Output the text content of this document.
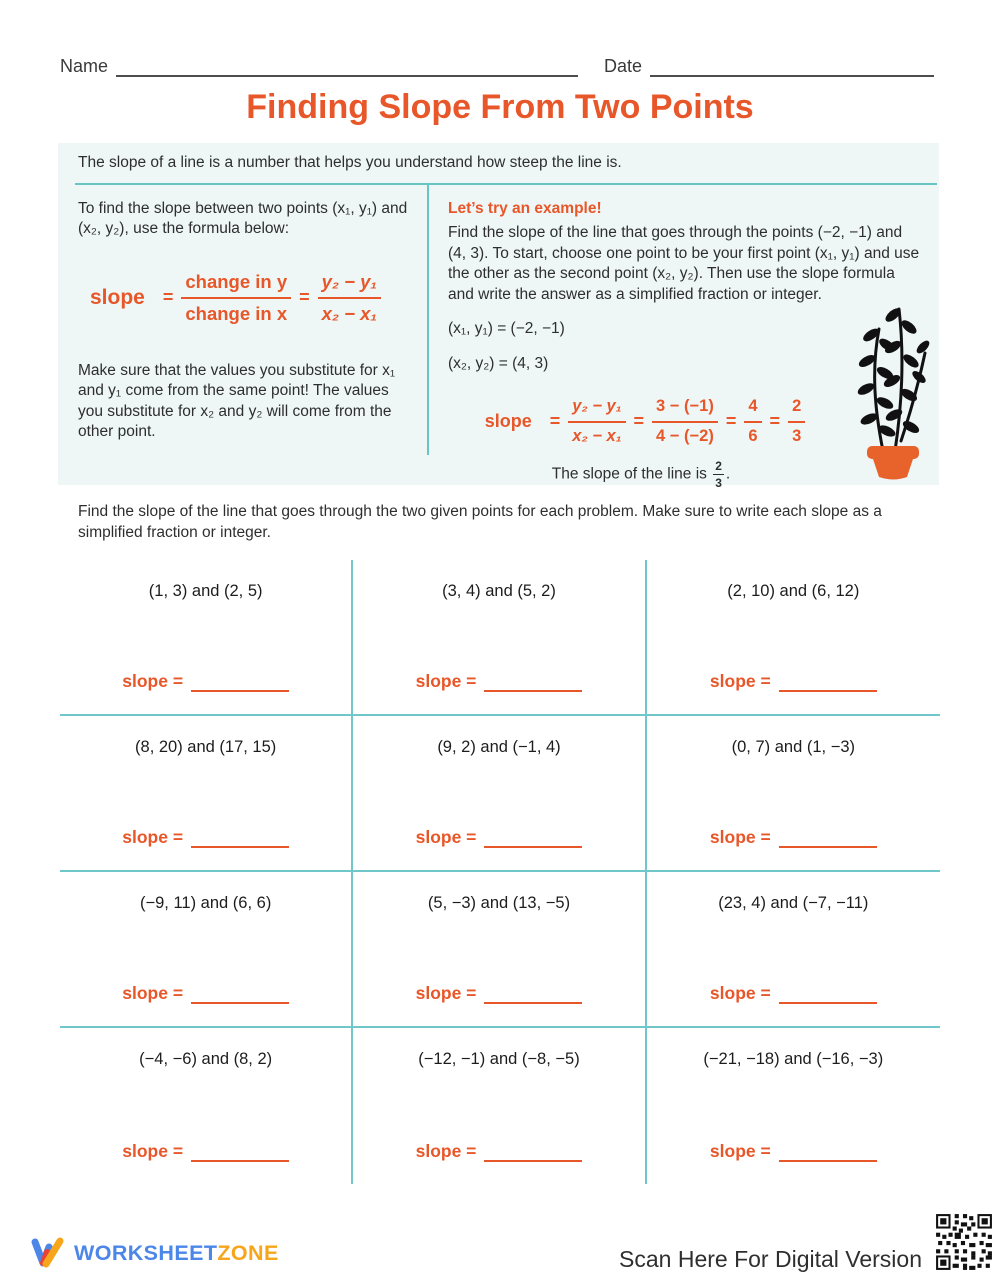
Name	Date
Finding Slope From Two Points
The slope of a line is a number that helps you understand how steep the line is.
To find the slope between two points (x₁, y₁) and (x₂, y₂), use the formula below:
slope = $\frac{\text{change in y}}{\text{change in x}} = \frac{\text{y₂ − y₁}}{\text{x₂ − x₁}}$
Make sure that the values you substitute for x₁ and y₁ come from the same point! The values you substitute for x₂ and y₂ will come from the other point.
Let’s try an example!
Find the slope of the line that goes through the points (−2, −1) and (4, 3). To start, choose one point to be your first point (x₁, y₁) and use the other as the second point (x₂, y₂). Then use the slope formula and write the answer as a simplified fraction or integer.
(x₁, y₁) = (−2, −1)
(x₂, y₂) = (4, 3)
slope = $\frac{\text{y₂ − y₁}}{\text{x₂ − x₁}} = \frac{3 - (-1)}{4 - (-2)} = \frac{4}{6} = \frac{2}{3}$
The slope of the line is $\frac{2}{3}$ .
Find the slope of the line that goes through the two given points for each problem. Make sure to write each slope as a simplified fraction or integer.
(1, 3) and (2, 5)
slope =
(3, 4) and (5, 2)
slope =
(2, 10) and (6, 12)
slope =
(8, 20) and (17, 15)
slope =
(9, 2) and (−1, 4)
slope =
(0, 7) and (1, −3)
slope =
(−9, 11) and (6, 6)
slope =
(5, −3) and (13, −5)
slope =
(23, 4) and (−7, −11)
slope =
(−4, −6) and (8, 2)
slope =
(−12, −1) and (−8, −5)
slope =
(−21, −18) and (−16, −3)
slope =
WORKSHEETZONE	Scan Here For Digital Version
